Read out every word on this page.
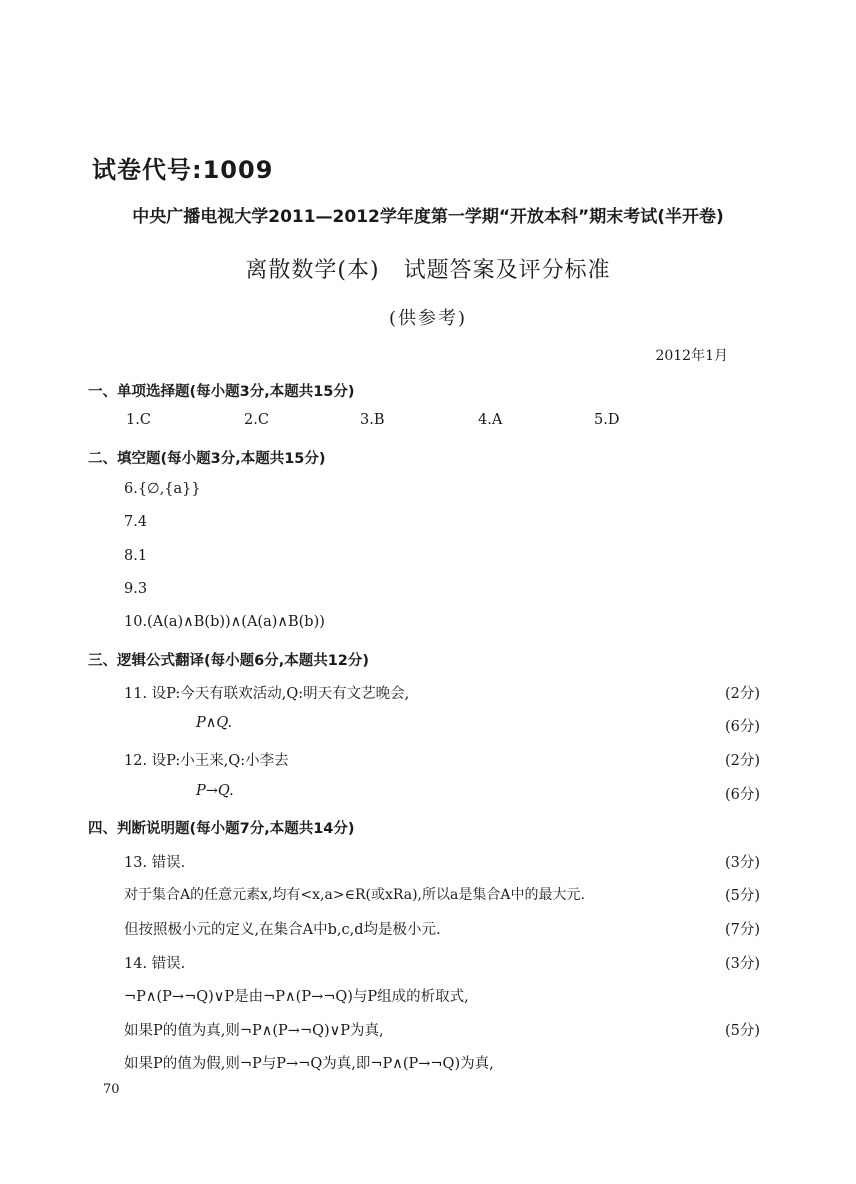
试卷代号:1009
中央广播电视大学2011—2012学年度第一学期“开放本科”期末考试(半开卷)
离散数学(本)   试题答案及评分标准
(供参考)
2012年1月
一、单项选择题(每小题3分,本题共15分)
1.C	2.C	3.B	4.A	5.D
二、填空题(每小题3分,本题共15分)
6.{∅,{a}}
7.4
8.1
9.3
10.(A(a)∧B(b))∧(A(a)∧B(b))
三、逻辑公式翻译(每小题6分,本题共12分)
11. 设P:今天有联欢活动,Q:明天有文艺晚会,	(2分)
P∧Q.	(6分)
12. 设P:小王来,Q:小李去	(2分)
P→Q.	(6分)
四、判断说明题(每小题7分,本题共14分)
13. 错误.	(3分)
对于集合A的任意元素x,均有<x,a>∈R(或xRa),所以a是集合A中的最大元.	(5分)
但按照极小元的定义,在集合A中b,c,d均是极小元.	(7分)
14. 错误.	(3分)
¬P∧(P→¬Q)∨P是由¬P∧(P→¬Q)与P组成的析取式,
如果P的值为真,则¬P∧(P→¬Q)∨P为真,	(5分)
如果P的值为假,则¬P与P→¬Q为真,即¬P∧(P→¬Q)为真,
70
